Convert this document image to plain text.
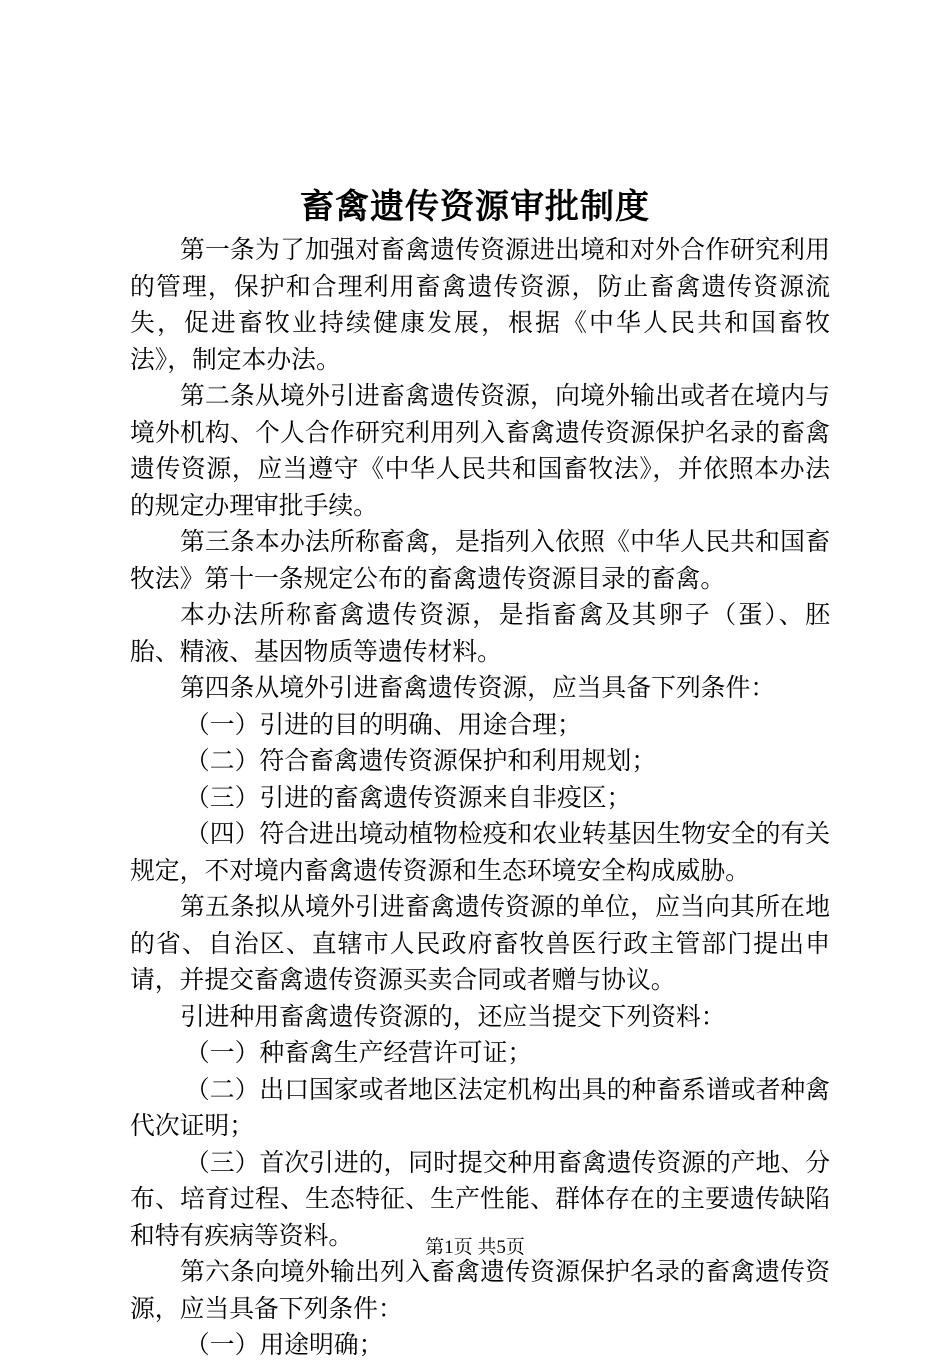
畜禽遗传资源审批制度

第一条为了加强对畜禽遗传资源进出境和对外合作研究利用的管理，保护和合理利用畜禽遗传资源，防止畜禽遗传资源流失，促进畜牧业持续健康发展，根据《中华人民共和国畜牧法》，制定本办法。

第二条从境外引进畜禽遗传资源，向境外输出或者在境内与境外机构、个人合作研究利用列入畜禽遗传资源保护名录的畜禽遗传资源，应当遵守《中华人民共和国畜牧法》，并依照本办法的规定办理审批手续。

第三条本办法所称畜禽，是指列入依照《中华人民共和国畜牧法》第十一条规定公布的畜禽遗传资源目录的畜禽。

本办法所称畜禽遗传资源，是指畜禽及其卵子（蛋）、胚胎、精液、基因物质等遗传材料。

第四条从境外引进畜禽遗传资源，应当具备下列条件：

（一）引进的目的明确、用途合理；

（二）符合畜禽遗传资源保护和利用规划；

（三）引进的畜禽遗传资源来自非疫区；

（四）符合进出境动植物检疫和农业转基因生物安全的有关规定，不对境内畜禽遗传资源和生态环境安全构成威胁。

第五条拟从境外引进畜禽遗传资源的单位，应当向其所在地的省、自治区、直辖市人民政府畜牧兽医行政主管部门提出申请，并提交畜禽遗传资源买卖合同或者赠与协议。

引进种用畜禽遗传资源的，还应当提交下列资料：

（一）种畜禽生产经营许可证；

（二）出口国家或者地区法定机构出具的种畜系谱或者种禽代次证明；

（三）首次引进的，同时提交种用畜禽遗传资源的产地、分布、培育过程、生态特征、生产性能、群体存在的主要遗传缺陷和特有疾病等资料。

第六条向境外输出列入畜禽遗传资源保护名录的畜禽遗传资源，应当具备下列条件：

（一）用途明确；

第1页 共5页
